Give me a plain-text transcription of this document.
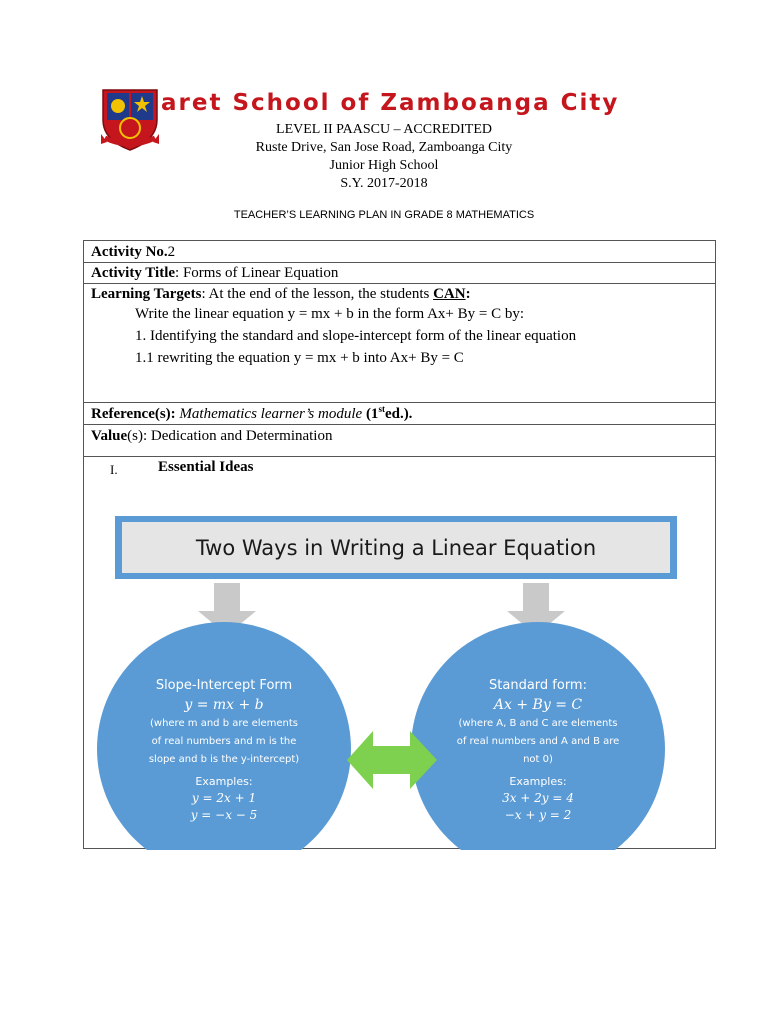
aret School of Zamboanga City
LEVEL II PAASCU – ACCREDITED
Ruste Drive, San Jose Road, Zamboanga City
Junior High School
S.Y. 2017-2018
TEACHER’S LEARNING PLAN IN GRADE 8 MATHEMATICS
Activity No.2
Activity Title: Forms of Linear Equation
Learning Targets: At the end of the lesson, the students CAN:
Write the linear equation y = mx + b in the form Ax+ By = C by:
1. Identifying the standard and slope-intercept form of the linear equation
1.1 rewriting the equation y = mx + b into Ax+ By = C
Reference(s): Mathematics learner’s module (1sted.).
Value(s): Dedication and Determination
I.	Essential Ideas
Two Ways in Writing a Linear Equation
Slope-Intercept Form
y = mx + b
(where m and b are elements
of real numbers and m is the
slope and b is the y-intercept)
Examples:
y = 2x + 1
y = −x − 5
Standard form:
Ax + By = C
(where A, B and C are elements
of real numbers and A and B are
not 0)
Examples:
3x + 2y = 4
−x + y = 2
